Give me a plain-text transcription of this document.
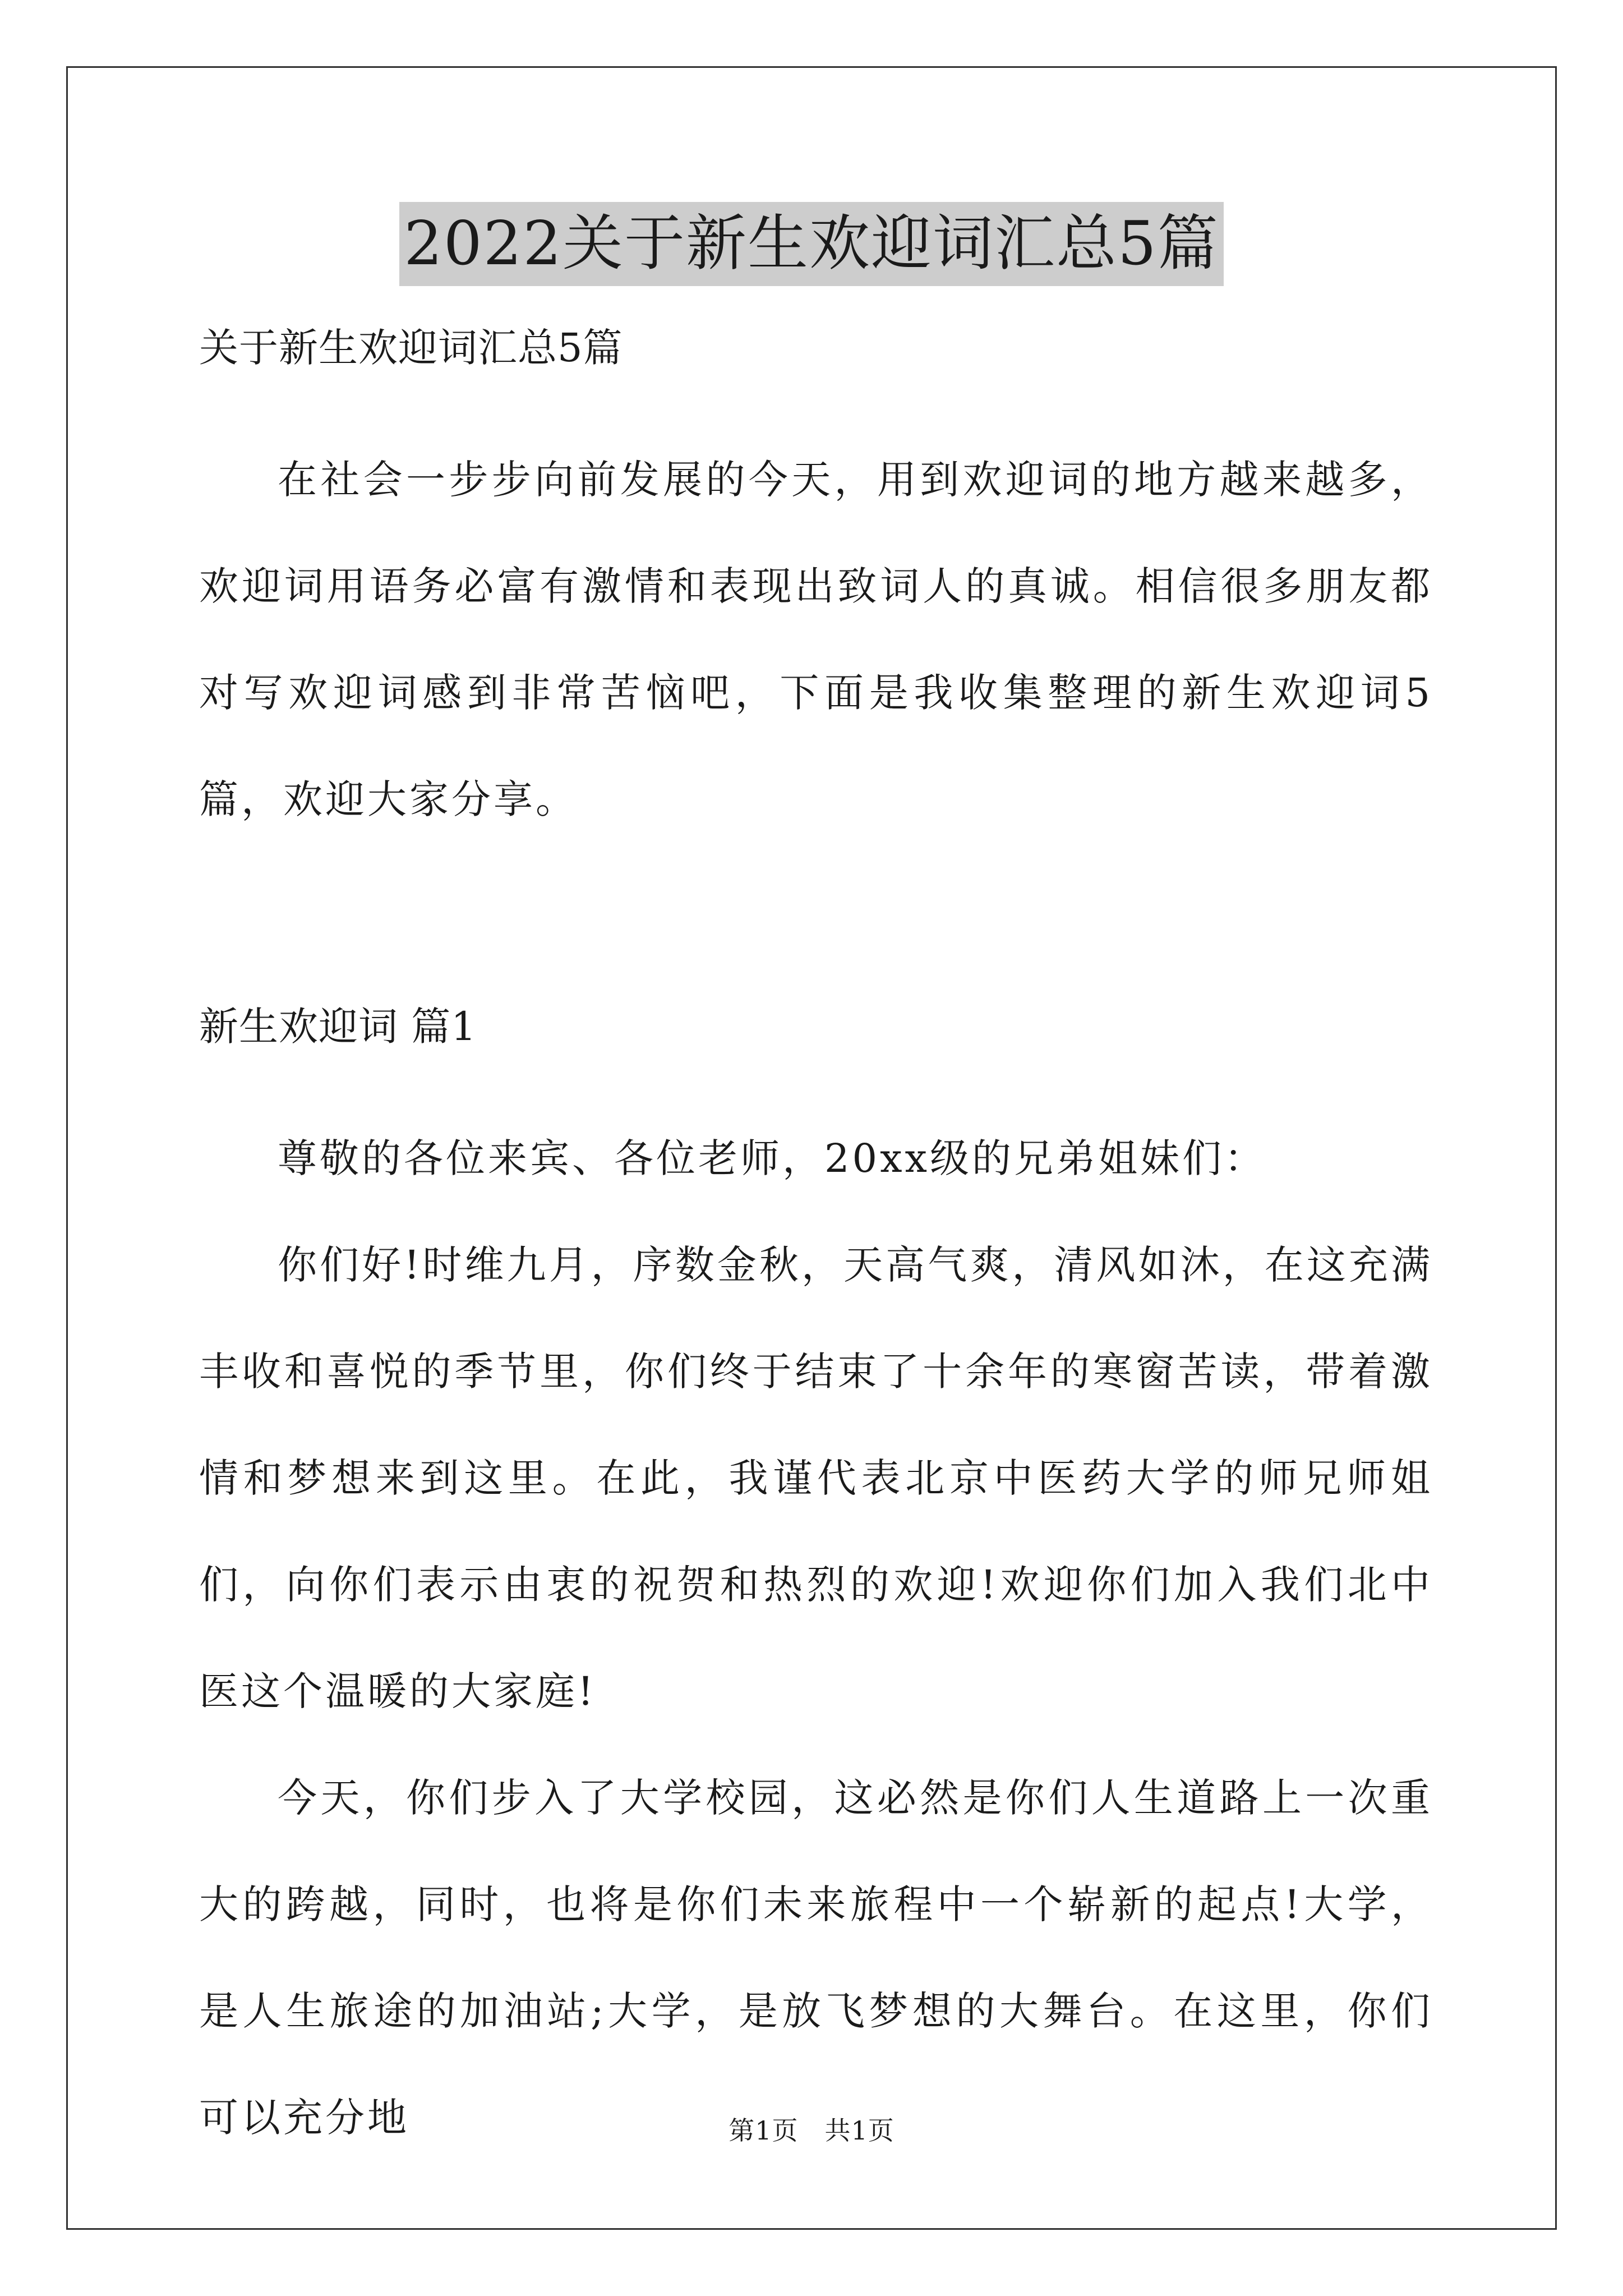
2022关于新生欢迎词汇总5篇

关于新生欢迎词汇总5篇

在社会一步步向前发展的今天，用到欢迎词的地方越来越多，欢迎词用语务必富有激情和表现出致词人的真诚。相信很多朋友都对写欢迎词感到非常苦恼吧，下面是我收集整理的新生欢迎词5篇，欢迎大家分享。

新生欢迎词 篇1

尊敬的各位来宾、各位老师，20xx级的兄弟姐妹们：

你们好!时维九月，序数金秋，天高气爽，清风如沐，在这充满丰收和喜悦的季节里，你们终于结束了十余年的寒窗苦读，带着激情和梦想来到这里。在此，我谨代表北京中医药大学的师兄师姐们，向你们表示由衷的祝贺和热烈的欢迎!欢迎你们加入我们北中医这个温暖的大家庭!

今天，你们步入了大学校园，这必然是你们人生道路上一次重大的跨越，同时，也将是你们未来旅程中一个崭新的起点!大学，是人生旅途的加油站;大学，是放飞梦想的大舞台。在这里，你们可以充分地	第1页　共1页
